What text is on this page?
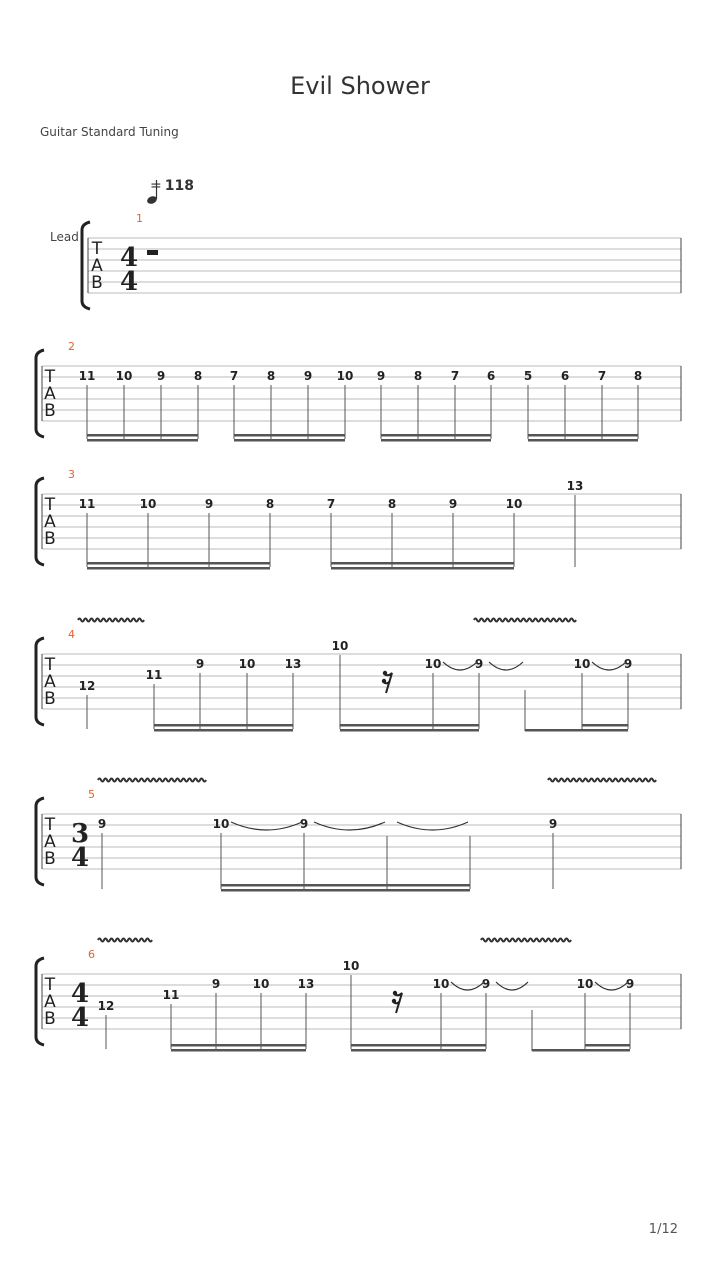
Evil Shower
Guitar Standard Tuning
= 118
Lead
1/12
T
A
B
1
4
4
T
A
B
2
11 10 9 8 7 8 9 10 9 8 7 6 5 6 7 8
T
A
B
3
11	10	9	8	7	8	9	10
13
T
A
B
4
12
11
9	10 13
10
10	9	10	9
T
A
B
5
3
4
9	10	9	9
T
A
B
6
4
4 12
11
9	10 13
10
10	9	10	9
